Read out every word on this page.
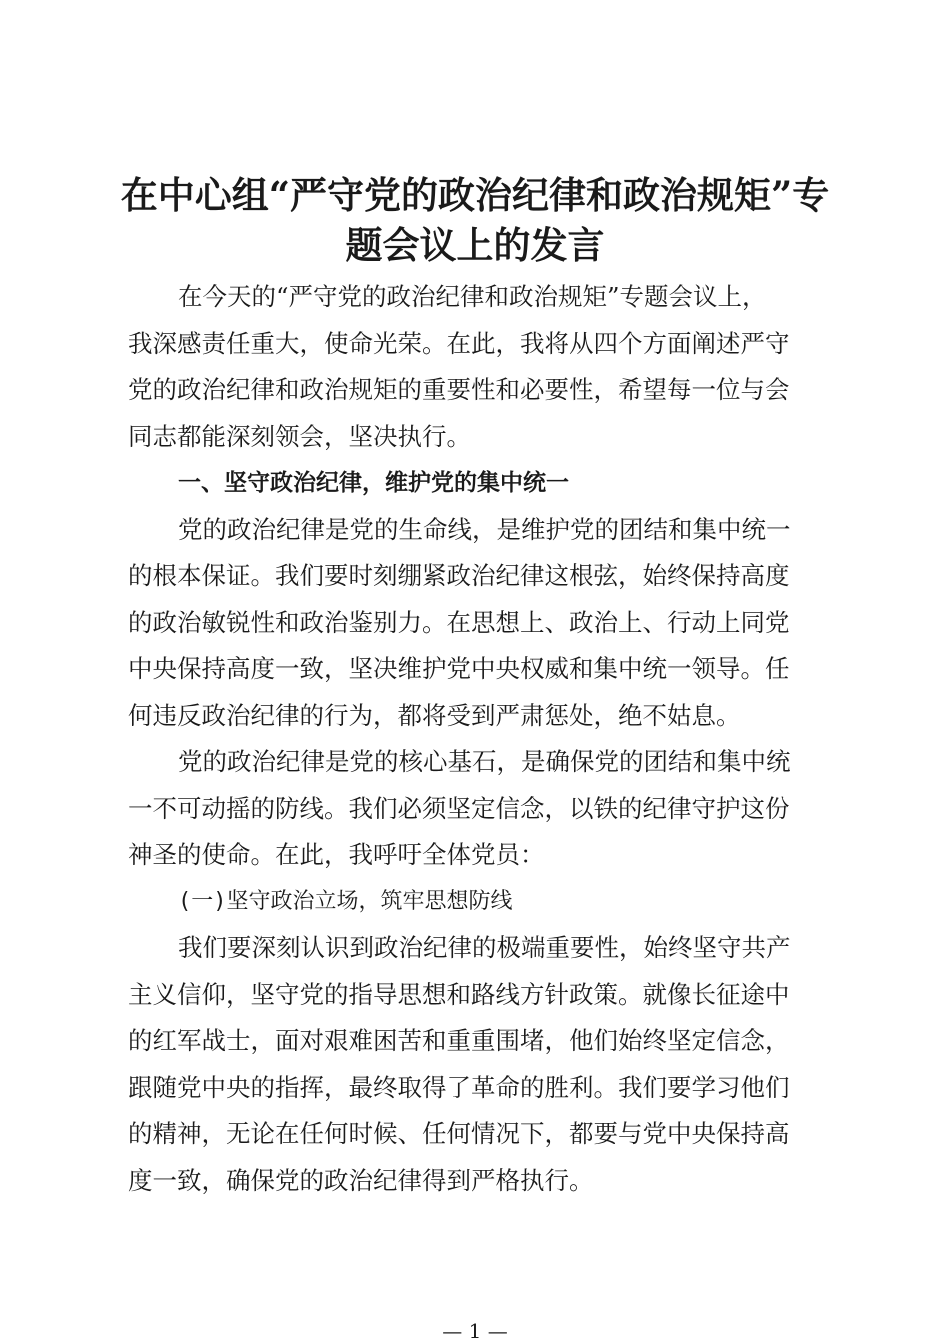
在中心组“严守党的政治纪律和政治规矩”专
题会议上的发言
在今天的“严守党的政治纪律和政治规矩”专题会议上，
我深感责任重大，使命光荣。在此，我将从四个方面阐述严守
党的政治纪律和政治规矩的重要性和必要性，希望每一位与会
同志都能深刻领会，坚决执行。
一、坚守政治纪律，维护党的集中统一
党的政治纪律是党的生命线，是维护党的团结和集中统一
的根本保证。我们要时刻绷紧政治纪律这根弦，始终保持高度
的政治敏锐性和政治鉴别力。在思想上、政治上、行动上同党
中央保持高度一致，坚决维护党中央权威和集中统一领导。任
何违反政治纪律的行为，都将受到严肃惩处，绝不姑息。
党的政治纪律是党的核心基石，是确保党的团结和集中统
一不可动摇的防线。我们必须坚定信念，以铁的纪律守护这份
神圣的使命。在此，我呼吁全体党员：
(一)坚守政治立场，筑牢思想防线
我们要深刻认识到政治纪律的极端重要性，始终坚守共产
主义信仰，坚守党的指导思想和路线方针政策。就像长征途中
的红军战士，面对艰难困苦和重重围堵，他们始终坚定信念，
跟随党中央的指挥，最终取得了革命的胜利。我们要学习他们
的精神，无论在任何时候、任何情况下，都要与党中央保持高
度一致，确保党的政治纪律得到严格执行。
— 1 —
